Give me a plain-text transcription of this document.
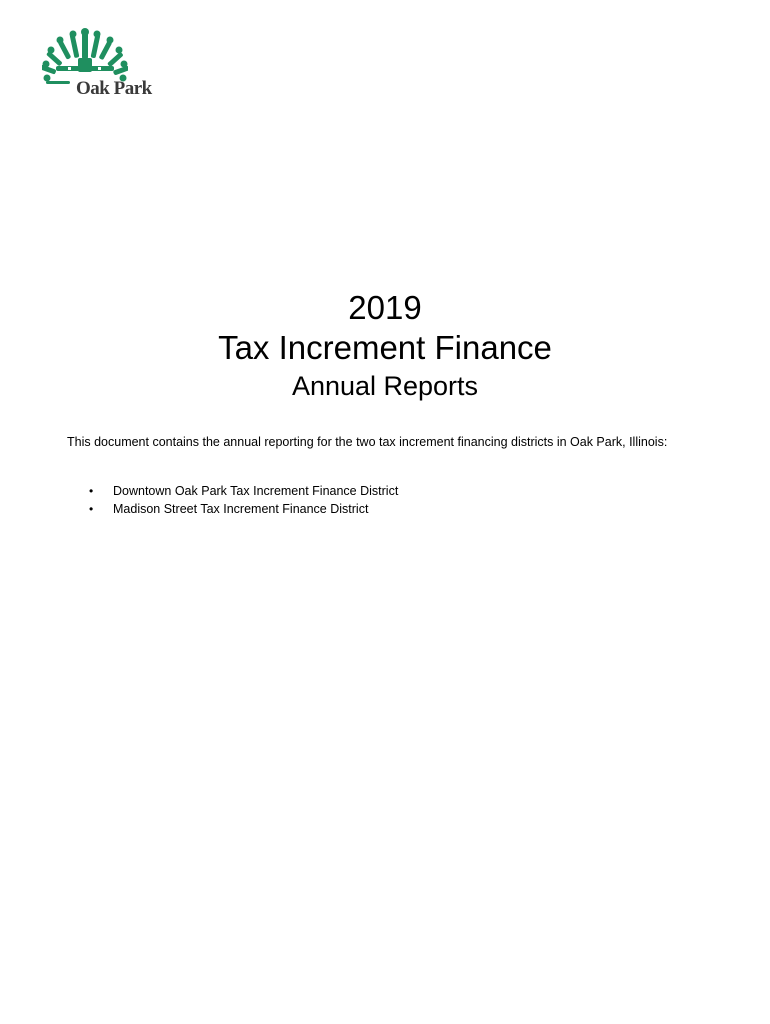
Oak Park
2019
Tax Increment Finance
Annual Reports

This document contains the annual reporting for the two tax increment financing districts in Oak Park, Illinois:

• Downtown Oak Park Tax Increment Finance District
• Madison Street Tax Increment Finance District
